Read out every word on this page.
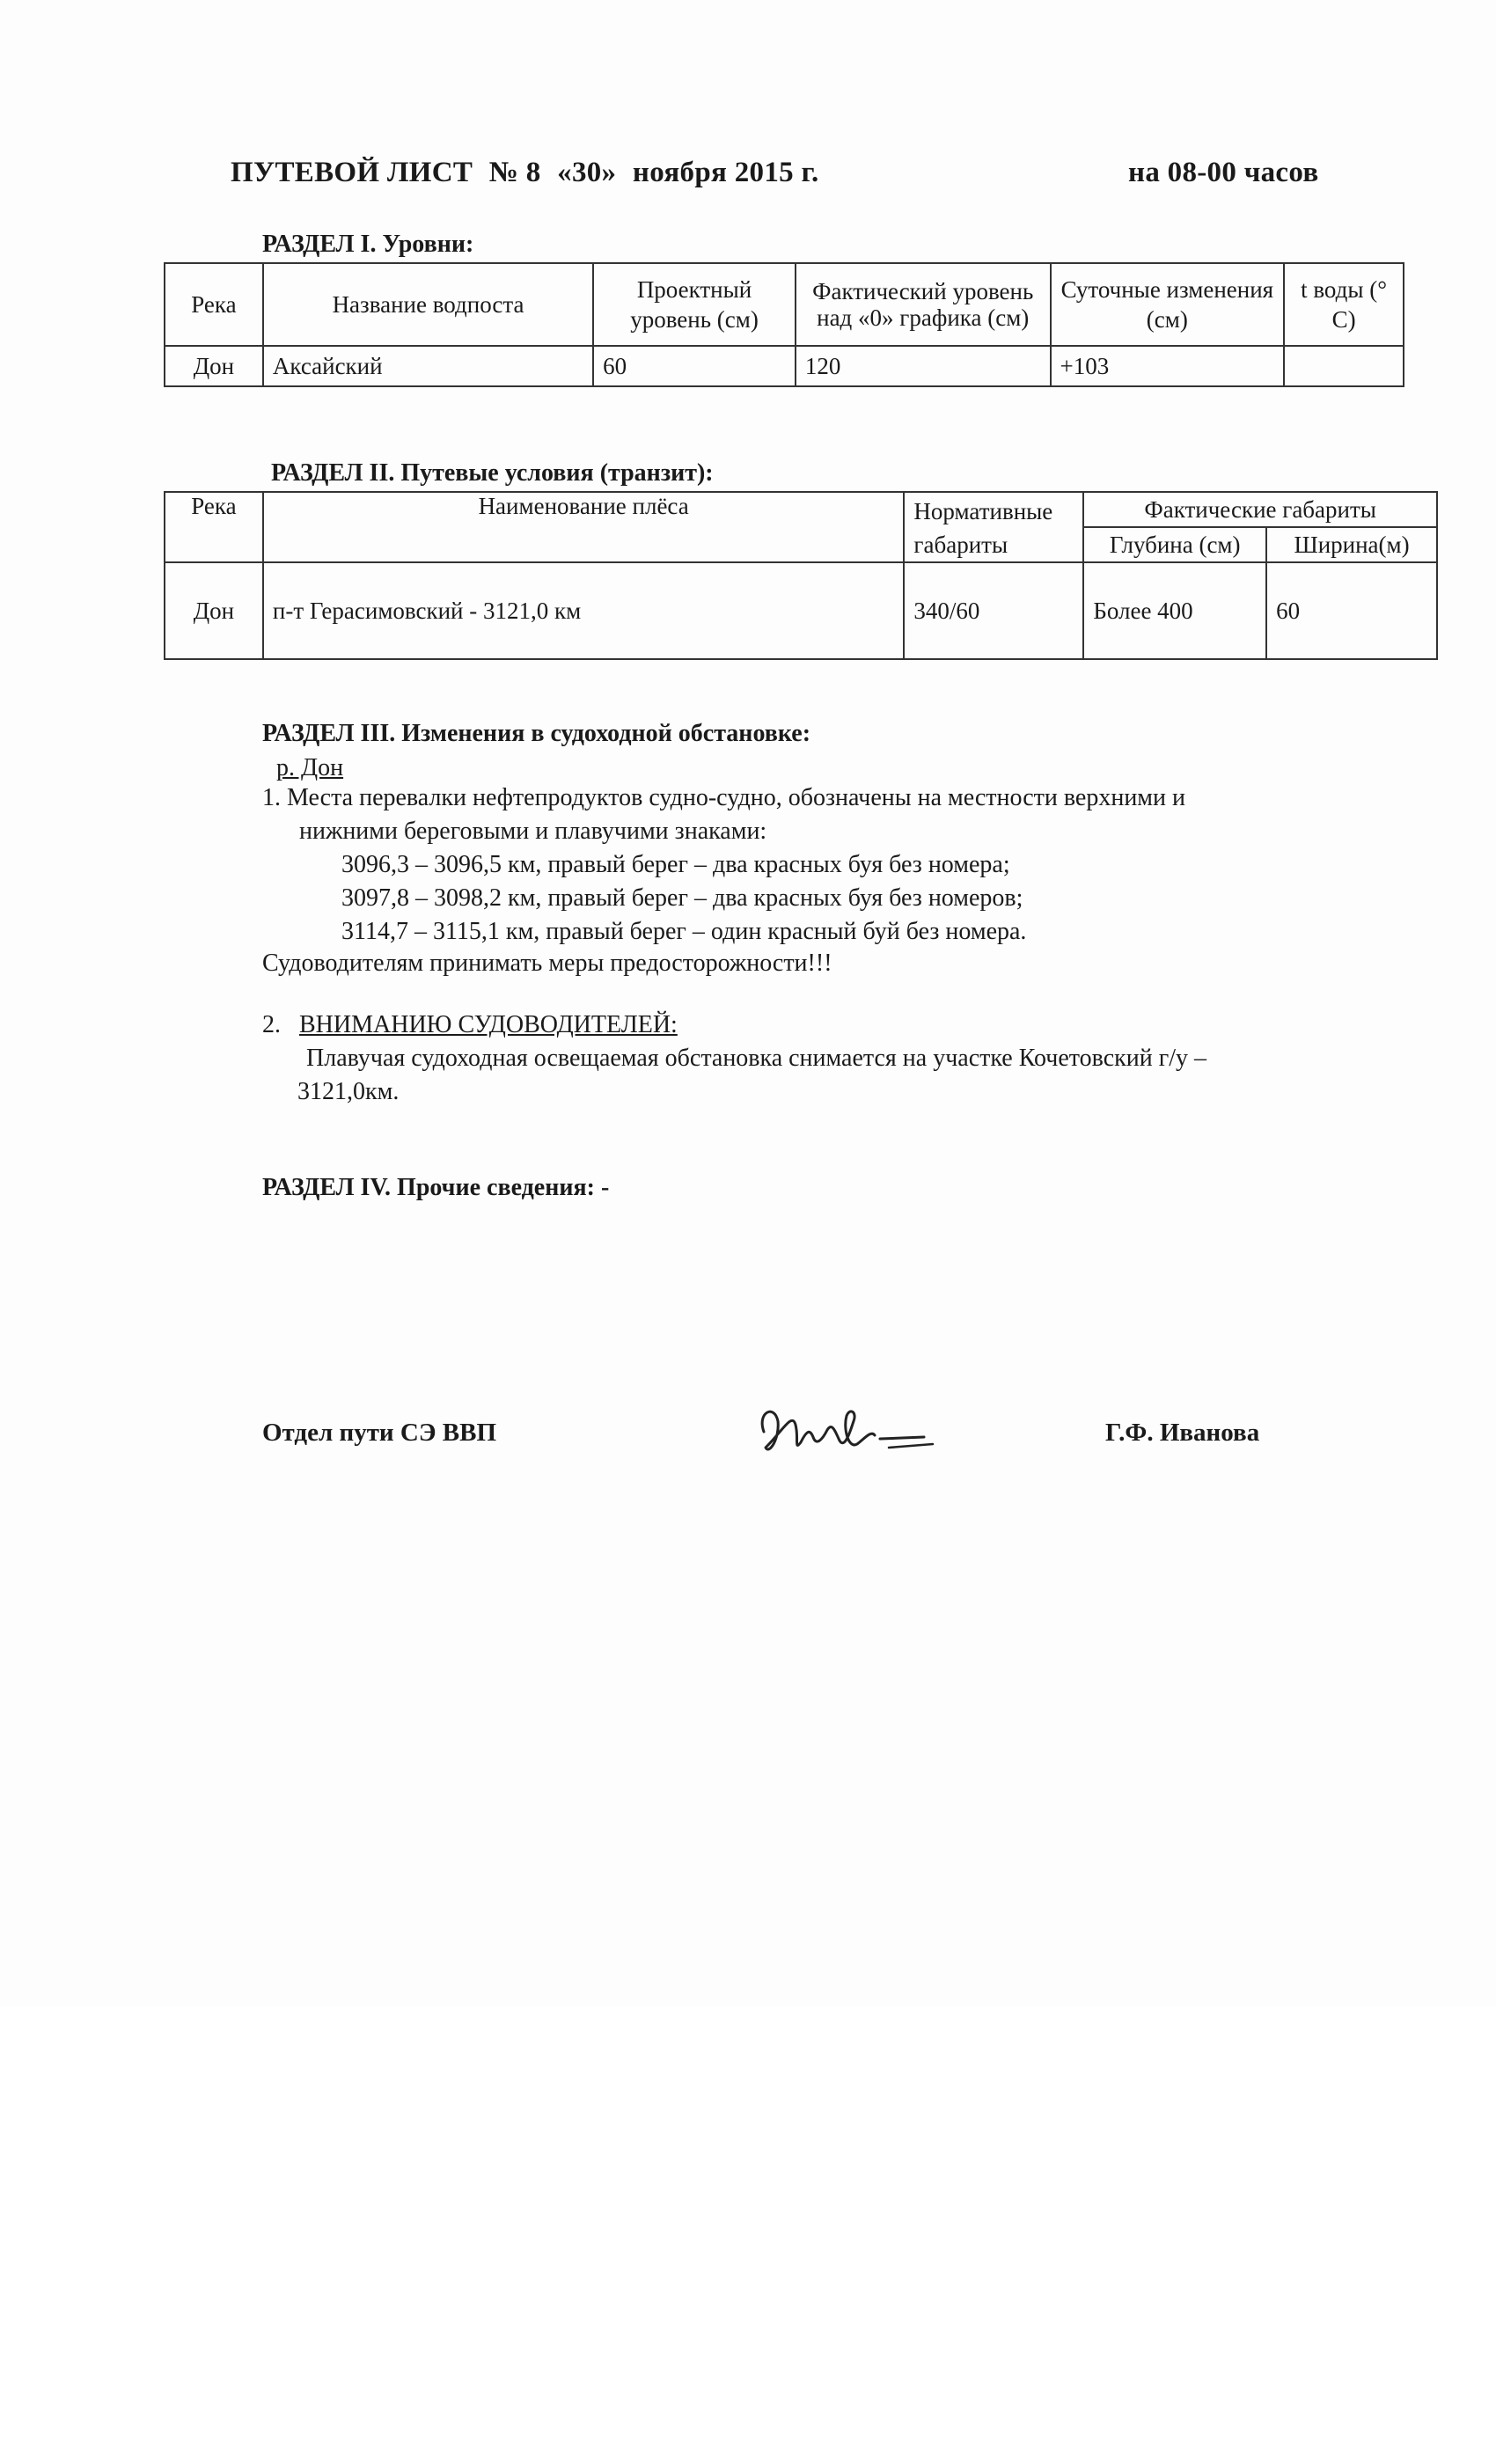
ПУТЕВОЙ ЛИСТ № 8 «30» ноября 2015 г.	на 08-00 часов
РАЗДЕЛ I. Уровни:
Река	Название водпоста	Проектный уровень (см)	Фактический уровень над «0» графика (см)	Суточные изменения (см)	t воды (° С)
Дон	Аксайский	60	120	+103	
РАЗДЕЛ II. Путевые условия (транзит):
Река	Наименование плёса	Нормативные габариты	Фактические габариты	
			Глубина (см)	Ширина(м)
Дон	п-т Герасимовский - 3121,0 км	340/60	Более 400	60
РАЗДЕЛ III. Изменения в судоходной обстановке:
р. Дон
1. Места перевалки нефтепродуктов судно-судно, обозначены на местности верхними и
нижними береговыми и плавучими знаками:
3096,3 – 3096,5 км, правый берег – два красных буя без номера;
3097,8 – 3098,2 км, правый берег – два красных буя без номеров;
3114,7 – 3115,1 км, правый берег – один красный буй без номера.
Судоводителям принимать меры предосторожности!!!
2. ВНИМАНИЮ СУДОВОДИТЕЛЕЙ:
Плавучая судоходная освещаемая обстановка снимается на участке Кочетовский г/у –
3121,0км.
РАЗДЕЛ IV. Прочие сведения: -
Отдел пути СЭ ВВП	Г.Ф. Иванова
